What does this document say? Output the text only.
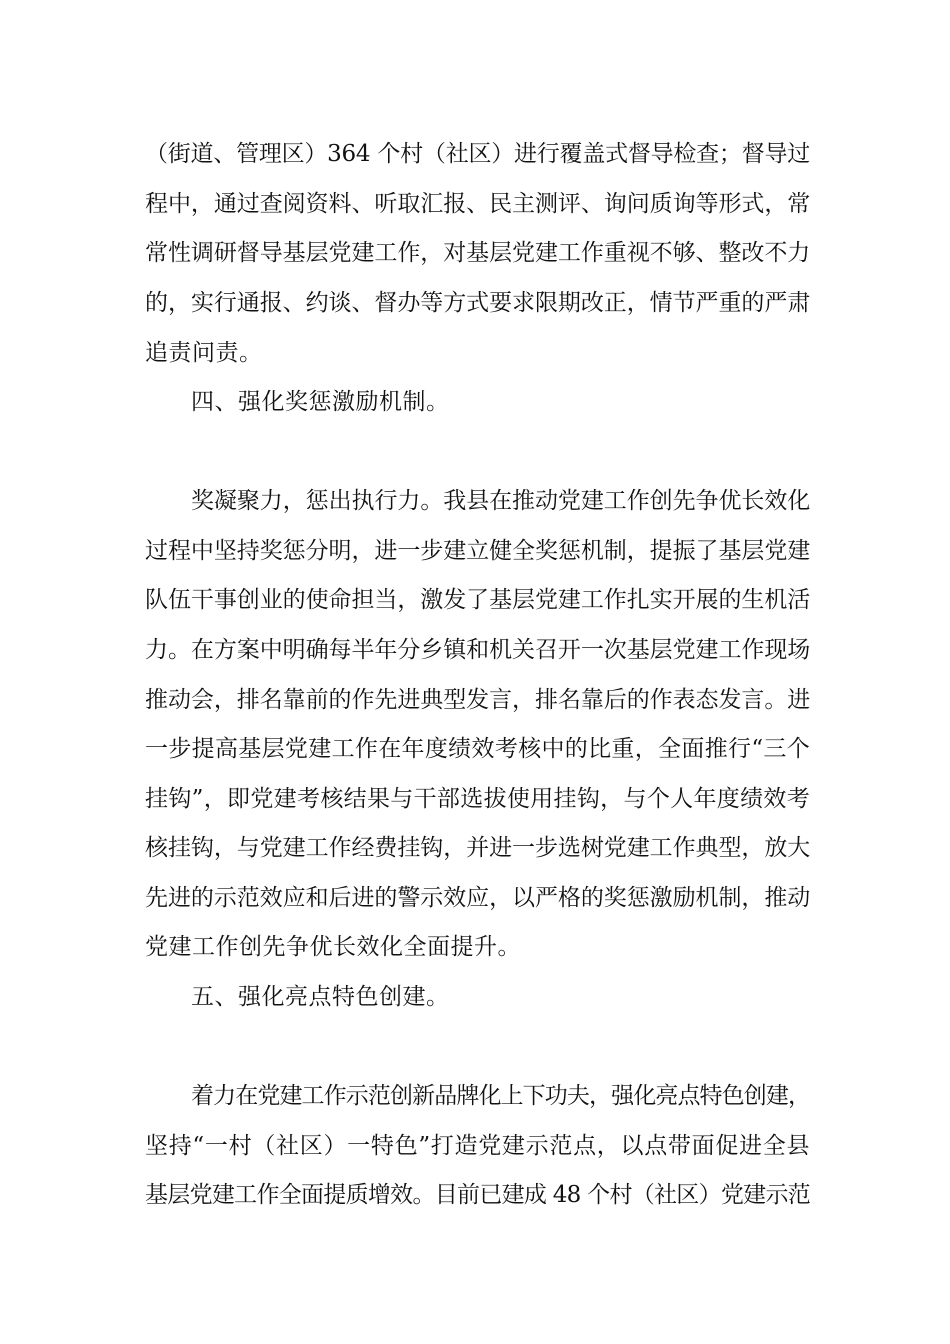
（街道、管理区）364 个村（社区）进行覆盖式督导检查；督导过
程中，通过查阅资料、听取汇报、民主测评、询问质询等形式，常
常性调研督导基层党建工作，对基层党建工作重视不够、整改不力
的，实行通报、约谈、督办等方式要求限期改正，情节严重的严肃
追责问责。
四、强化奖惩激励机制。
奖凝聚力，惩出执行力。我县在推动党建工作创先争优长效化
过程中坚持奖惩分明，进一步建立健全奖惩机制，提振了基层党建
队伍干事创业的使命担当，激发了基层党建工作扎实开展的生机活
力。在方案中明确每半年分乡镇和机关召开一次基层党建工作现场
推动会，排名靠前的作先进典型发言，排名靠后的作表态发言。进
一步提高基层党建工作在年度绩效考核中的比重，全面推行“三个
挂钩”，即党建考核结果与干部选拔使用挂钩，与个人年度绩效考
核挂钩，与党建工作经费挂钩，并进一步选树党建工作典型，放大
先进的示范效应和后进的警示效应，以严格的奖惩激励机制，推动
党建工作创先争优长效化全面提升。
五、强化亮点特色创建。
着力在党建工作示范创新品牌化上下功夫，强化亮点特色创建，
坚持“一村（社区）一特色”打造党建示范点，以点带面促进全县
基层党建工作全面提质增效。目前已建成 48 个村（社区）党建示范
